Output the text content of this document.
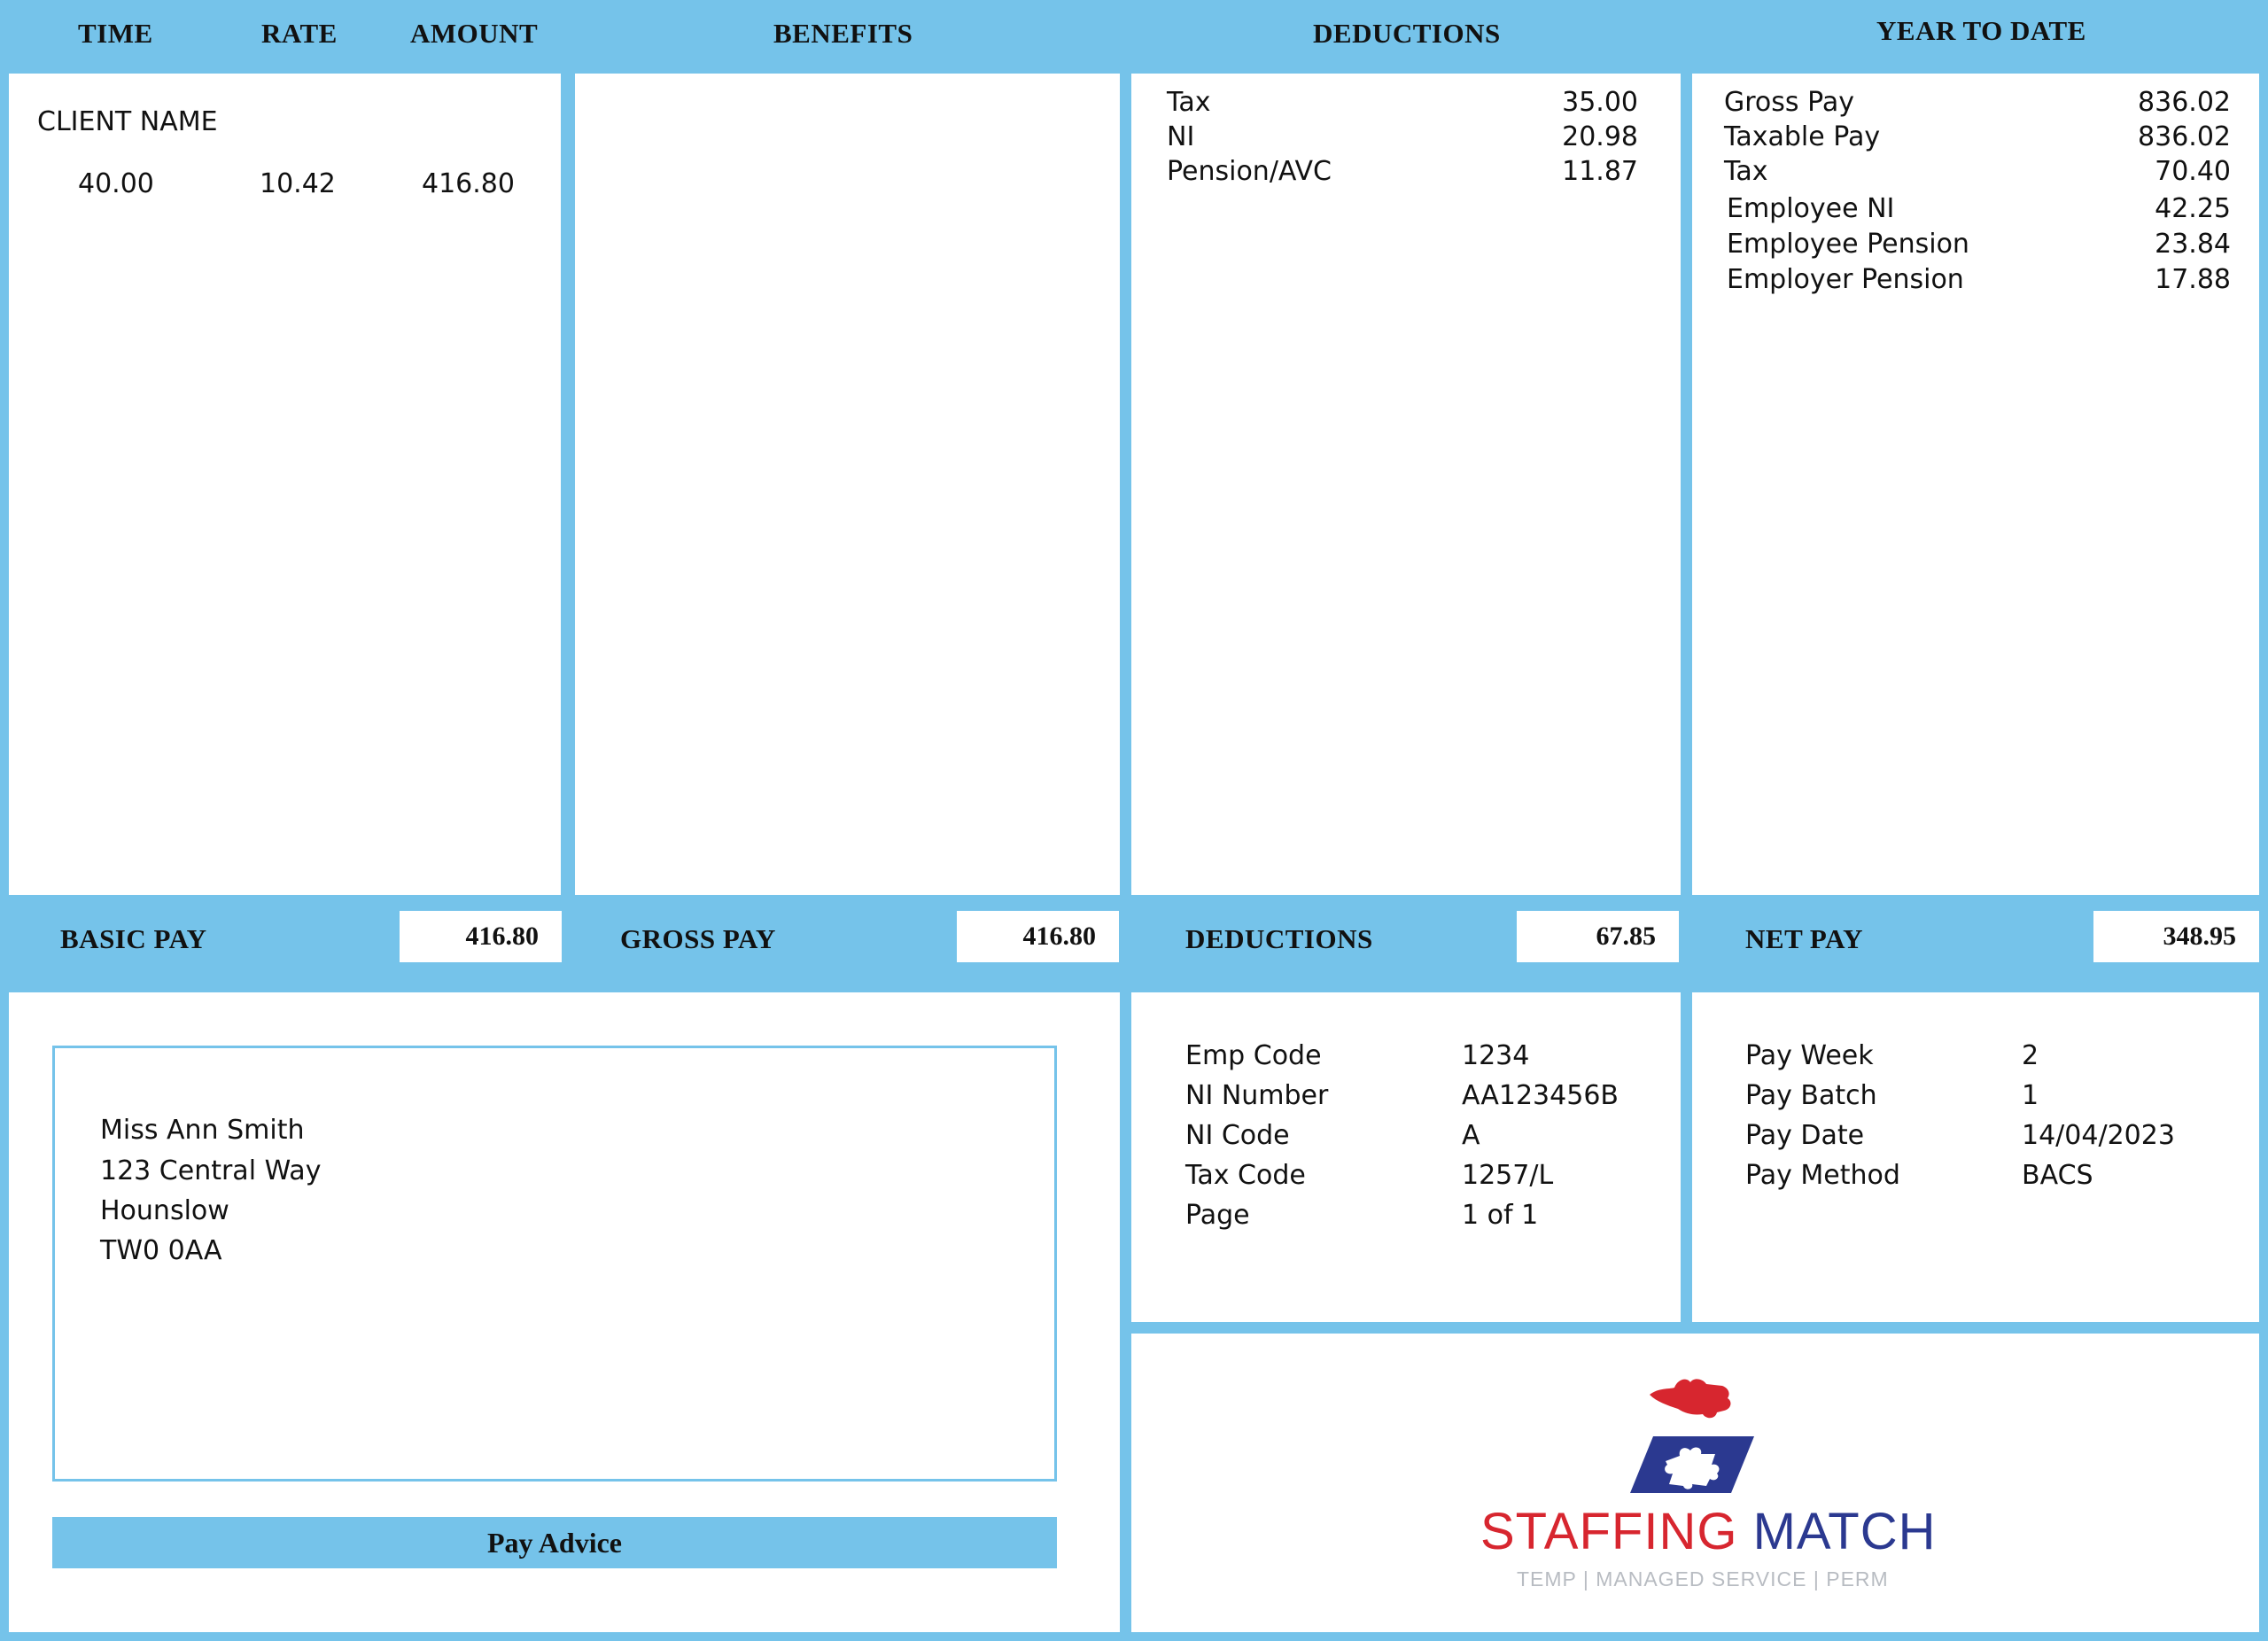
TIME	RATE	AMOUNT	BENEFITS	DEDUCTIONS	YEAR TO DATE
CLIENT NAME
40.00	10.42	416.80
Tax	35.00
NI	20.98
Pension/AVC	11.87
Gross Pay	836.02
Taxable Pay	836.02
Tax	70.40
Employee NI	42.25
Employee Pension	23.84
Employer Pension	17.88
BASIC PAY	416.80	GROSS PAY	416.80	DEDUCTIONS	67.85	NET PAY	348.95
Miss Ann Smith
123 Central Way
Hounslow
TW0 0AA
Pay Advice
Emp Code	1234
NI Number	AA123456B
NI Code	A
Tax Code	1257/L
Page	1 of 1
Pay Week	2
Pay Batch	1
Pay Date	14/04/2023
Pay Method	BACS
STAFFING MATCH
TEMP | MANAGED SERVICE | PERM
